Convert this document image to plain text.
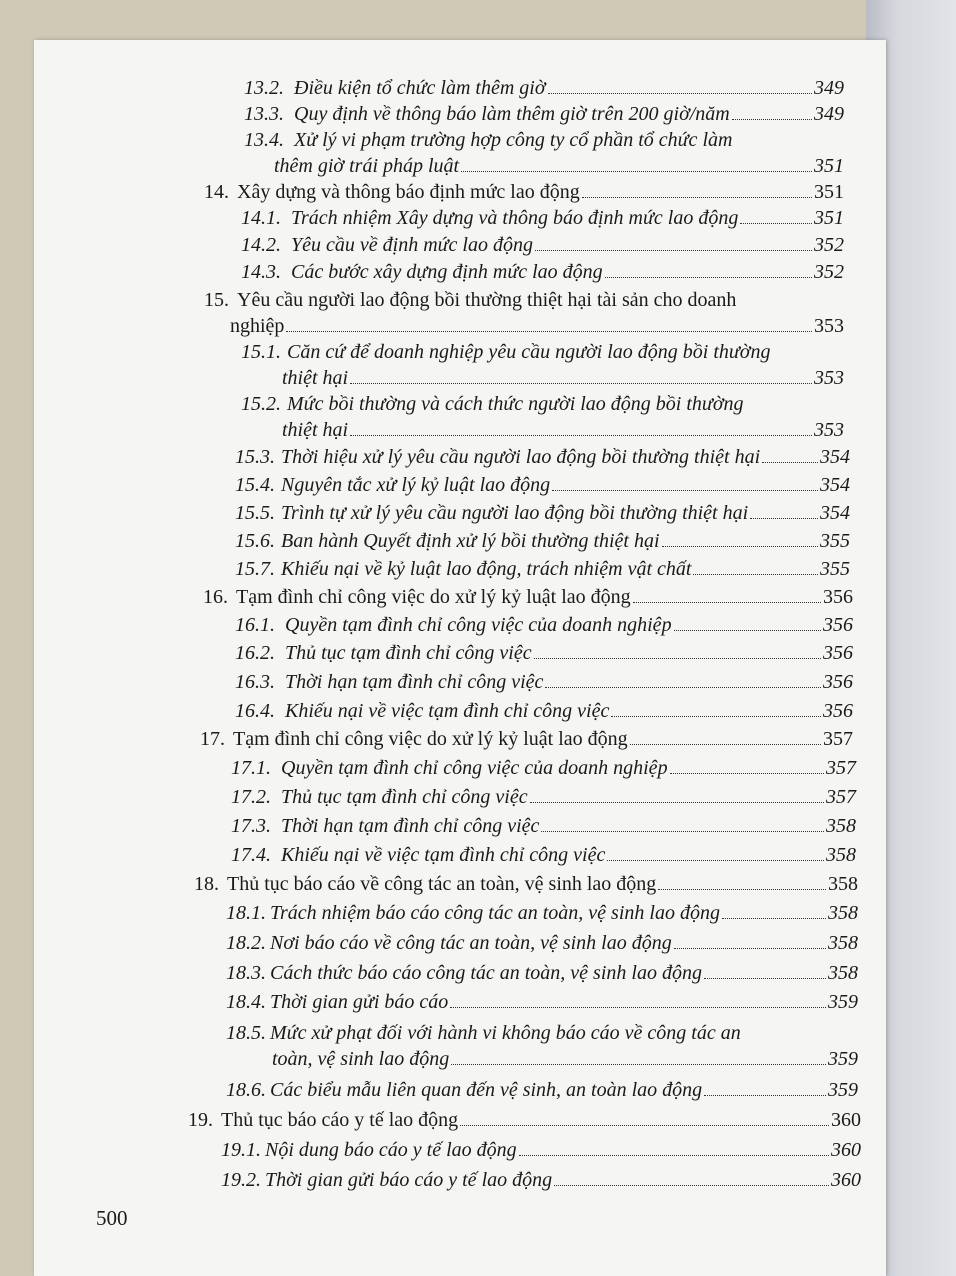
13.2. Điều kiện tổ chức làm thêm giờ	349
13.3. Quy định về thông báo làm thêm giờ trên 200 giờ/năm	349
13.4. Xử lý vi phạm trường hợp công ty cổ phần tổ chức làm
thêm giờ trái pháp luật	351
14. Xây dựng và thông báo định mức lao động	351
14.1. Trách nhiệm Xây dựng và thông báo định mức lao động	351
14.2. Yêu cầu về định mức lao động	352
14.3. Các bước xây dựng định mức lao động	352
15. Yêu cầu người lao động bồi thường thiệt hại tài sản cho doanh
nghiệp	353
15.1. Căn cứ để doanh nghiệp yêu cầu người lao động bồi thường
thiệt hại	353
15.2. Mức bồi thường và cách thức người lao động bồi thường
thiệt hại	353
15.3. Thời hiệu xử lý yêu cầu người lao động bồi thường thiệt hại	354
15.4. Nguyên tắc xử lý kỷ luật lao động	354
15.5. Trình tự xử lý yêu cầu người lao động bồi thường thiệt hại	354
15.6. Ban hành Quyết định xử lý bồi thường thiệt hại	355
15.7. Khiếu nại về kỷ luật lao động, trách nhiệm vật chất	355
16. Tạm đình chỉ công việc do xử lý kỷ luật lao động	356
16.1. Quyền tạm đình chỉ công việc của doanh nghiệp	356
16.2. Thủ tục tạm đình chỉ công việc	356
16.3. Thời hạn tạm đình chỉ công việc	356
16.4. Khiếu nại về việc tạm đình chỉ công việc	356
17. Tạm đình chỉ công việc do xử lý kỷ luật lao động	357
17.1. Quyền tạm đình chỉ công việc của doanh nghiệp	357
17.2. Thủ tục tạm đình chỉ công việc	357
17.3. Thời hạn tạm đình chỉ công việc	358
17.4. Khiếu nại về việc tạm đình chỉ công việc	358
18. Thủ tục báo cáo về công tác an toàn, vệ sinh lao động	358
18.1. Trách nhiệm báo cáo công tác an toàn, vệ sinh lao động	358
18.2. Nơi báo cáo về công tác an toàn, vệ sinh lao động	358
18.3. Cách thức báo cáo công tác an toàn, vệ sinh lao động	358
18.4. Thời gian gửi báo cáo	359
18.5. Mức xử phạt đối với hành vi không báo cáo về công tác an
toàn, vệ sinh lao động	359
18.6. Các biểu mẫu liên quan đến vệ sinh, an toàn lao động	359
19. Thủ tục báo cáo y tế lao động	360
19.1. Nội dung báo cáo y tế lao động	360
19.2. Thời gian gửi báo cáo y tế lao động	360
500
